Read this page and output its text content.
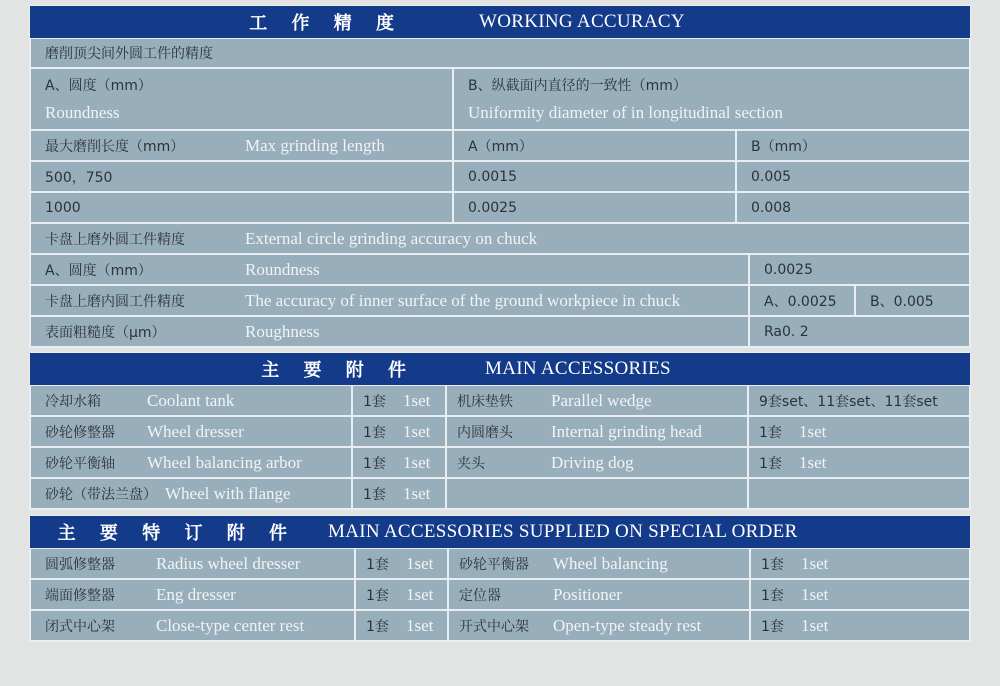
工 作 精 度	WORKING ACCURACY
磨削顶尖间外圆工件的精度
A、圆度（mm）
Roundness
B、纵截面内直径的一致性（mm）
Uniformity diameter of in longitudinal section
最大磨削长度（mm）	Max grinding length	A（mm）	B（mm）
500，750	0.0015	0.005
1000	0.0025	0.008
卡盘上磨外圆工件精度	External circle grinding accuracy on chuck
A、圆度（mm）	Roundness	0.0025
卡盘上磨内圆工件精度	The accuracy of inner surface of the ground workpiece in chuck	A、0.0025 B、0.005
表面粗糙度（μm）	Roughness	Ra0. 2
主 要 附 件	MAIN ACCESSORIES
冷却水箱	Coolant tank	1套	1set 机床垫铁	Parallel wedge	9套set、11套set、11套set
砂轮修整器	Wheel dresser	1套	1set 内圆磨头	Internal grinding head	1套	1set
砂轮平衡轴	Wheel balancing arbor	1套	1set 夹头	Driving dog	1套	1set
砂轮（带法兰盘） Wheel with flange	1套	1set
主 要 特 订 附 件 MAIN ACCESSORIES SUPPLIED ON SPECIAL ORDER
圆弧修整器	Radius wheel dresser	1套	1set 砂轮平衡器	Wheel balancing	1套	1set
端面修整器	Eng dresser	1套	1set 定位器	Positioner	1套	1set
闭式中心架	Close-type center rest	1套	1set 开式中心架	Open-type steady rest	1套	1set
